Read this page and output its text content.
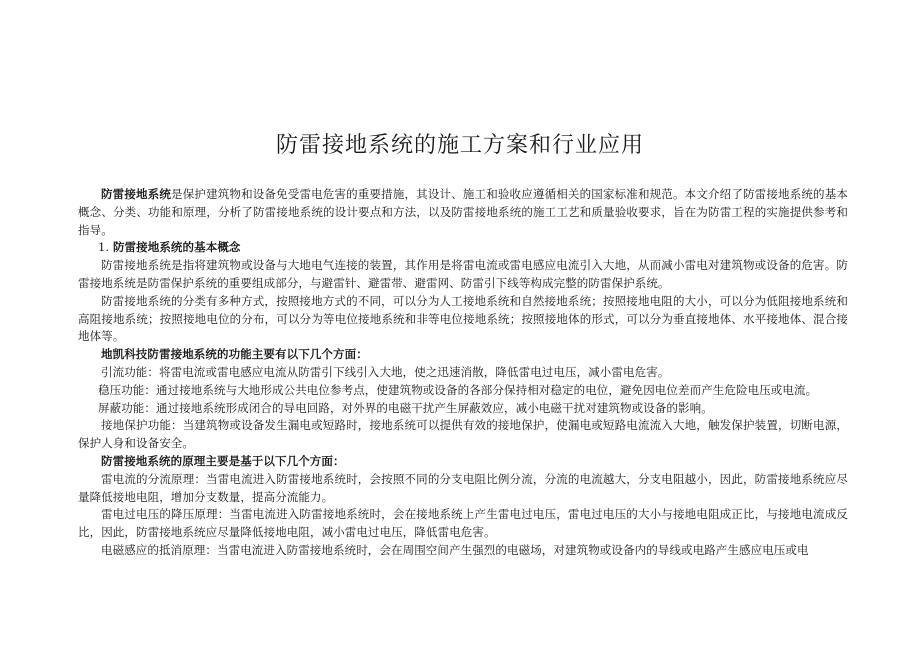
防雷接地系统的施工方案和行业应用

防雷接地系统是保护建筑物和设备免受雷电危害的重要措施，其设计、施工和验收应遵循相关的国家标准和规范。本文介绍了防雷接地系统的基本概念、分类、功能和原理，分析了防雷接地系统的设计要点和方法，以及防雷接地系统的施工工艺和质量验收要求，旨在为防雷工程的实施提供参考和指导。

1. 防雷接地系统的基本概念

防雷接地系统是指将建筑物或设备与大地电气连接的装置，其作用是将雷电流或雷电感应电流引入大地，从而减小雷电对建筑物或设备的危害。防雷接地系统是防雷保护系统的重要组成部分，与避雷针、避雷带、避雷网、防雷引下线等构成完整的防雷保护系统。

防雷接地系统的分类有多种方式，按照接地方式的不同，可以分为人工接地系统和自然接地系统；按照接地电阻的大小，可以分为低阻接地系统和高阻接地系统；按照接地电位的分布，可以分为等电位接地系统和非等电位接地系统；按照接地体的形式，可以分为垂直接地体、水平接地体、混合接地体等。

地凯科技防雷接地系统的功能主要有以下几个方面：

引流功能：将雷电流或雷电感应电流从防雷引下线引入大地，使之迅速消散，降低雷电过电压，减小雷电危害。

稳压功能：通过接地系统与大地形成公共电位参考点，使建筑物或设备的各部分保持相对稳定的电位，避免因电位差而产生危险电压或电流。

屏蔽功能：通过接地系统形成闭合的导电回路，对外界的电磁干扰产生屏蔽效应，减小电磁干扰对建筑物或设备的影响。

接地保护功能：当建筑物或设备发生漏电或短路时，接地系统可以提供有效的接地保护，使漏电或短路电流流入大地，触发保护装置，切断电源，保护人身和设备安全。

防雷接地系统的原理主要是基于以下几个方面：

雷电流的分流原理：当雷电流进入防雷接地系统时，会按照不同的分支电阻比例分流，分流的电流越大，分支电阻越小，因此，防雷接地系统应尽量降低接地电阻，增加分支数量，提高分流能力。

雷电过电压的降压原理：当雷电流进入防雷接地系统时，会在接地系统上产生雷电过电压，雷电过电压的大小与接地电阻成正比，与接地电流成反比，因此，防雷接地系统应尽量降低接地电阻，减小雷电过电压，降低雷电危害。

电磁感应的抵消原理：当雷电流进入防雷接地系统时，会在周围空间产生强烈的电磁场，对建筑物或设备内的导线或电路产生感应电压或电
